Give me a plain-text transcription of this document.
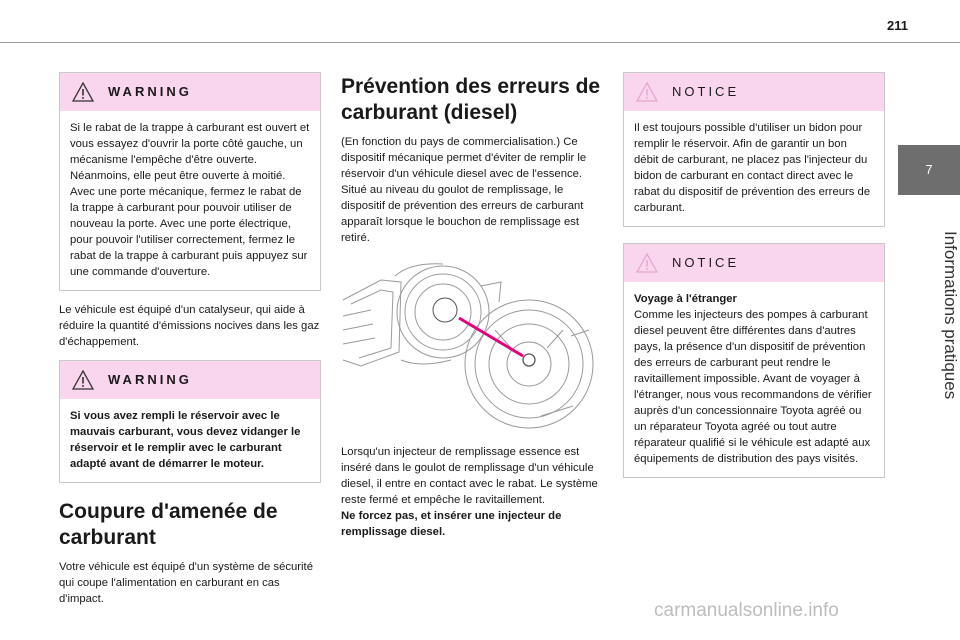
211
7
Informations pratiques
WARNING

Si le rabat de la trappe à carburant est ouvert et vous essayez d'ouvrir la porte côté gauche, un mécanisme l'empêche d'être ouverte. Néanmoins, elle peut être ouverte à moitié. Avec une porte mécanique, fermez le rabat de la trappe à carburant pour pouvoir utiliser de nouveau la porte. Avec une porte électrique, pour pouvoir l'utiliser correctement, fermez le rabat de la trappe à carburant puis appuyez sur une commande d'ouverture.

Le véhicule est équipé d'un catalyseur, qui aide à réduire la quantité d'émissions nocives dans les gaz d'échappement.

WARNING

Si vous avez rempli le réservoir avec le mauvais carburant, vous devez vidanger le réservoir et le remplir avec le carburant adapté avant de démarrer le moteur.

Coupure d'amenée de carburant

Votre véhicule est équipé d'un système de sécurité qui coupe l'alimentation en carburant en cas d'impact.

Prévention des erreurs de carburant (diesel)

(En fonction du pays de commercialisation.) Ce dispositif mécanique permet d'éviter de remplir le réservoir d'un véhicule diesel avec de l'essence. Situé au niveau du goulot de remplissage, le dispositif de prévention des erreurs de carburant apparaît lorsque le bouchon de remplissage est retiré.

Lorsqu'un injecteur de remplissage essence est inséré dans le goulot de remplissage d'un véhicule diesel, il entre en contact avec le rabat. Le système reste fermé et empêche le ravitaillement.

Ne forcez pas, et insérer une injecteur de remplissage diesel.

NOTICE

Il est toujours possible d'utiliser un bidon pour remplir le réservoir. Afin de garantir un bon débit de carburant, ne placez pas l'injecteur du bidon de carburant en contact direct avec le rabat du dispositif de prévention des erreurs de carburant.

NOTICE

Voyage à l'étranger

Comme les injecteurs des pompes à carburant diesel peuvent être différentes dans d'autres pays, la présence d'un dispositif de prévention des erreurs de carburant peut rendre le ravitaillement impossible. Avant de voyager à l'étranger, nous vous recommandons de vérifier auprès d'un concessionnaire Toyota agréé ou un réparateur Toyota agréé ou tout autre réparateur qualifié si le véhicule est adapté aux équipements de distribution des pays visités.

carmanualsonline.info
